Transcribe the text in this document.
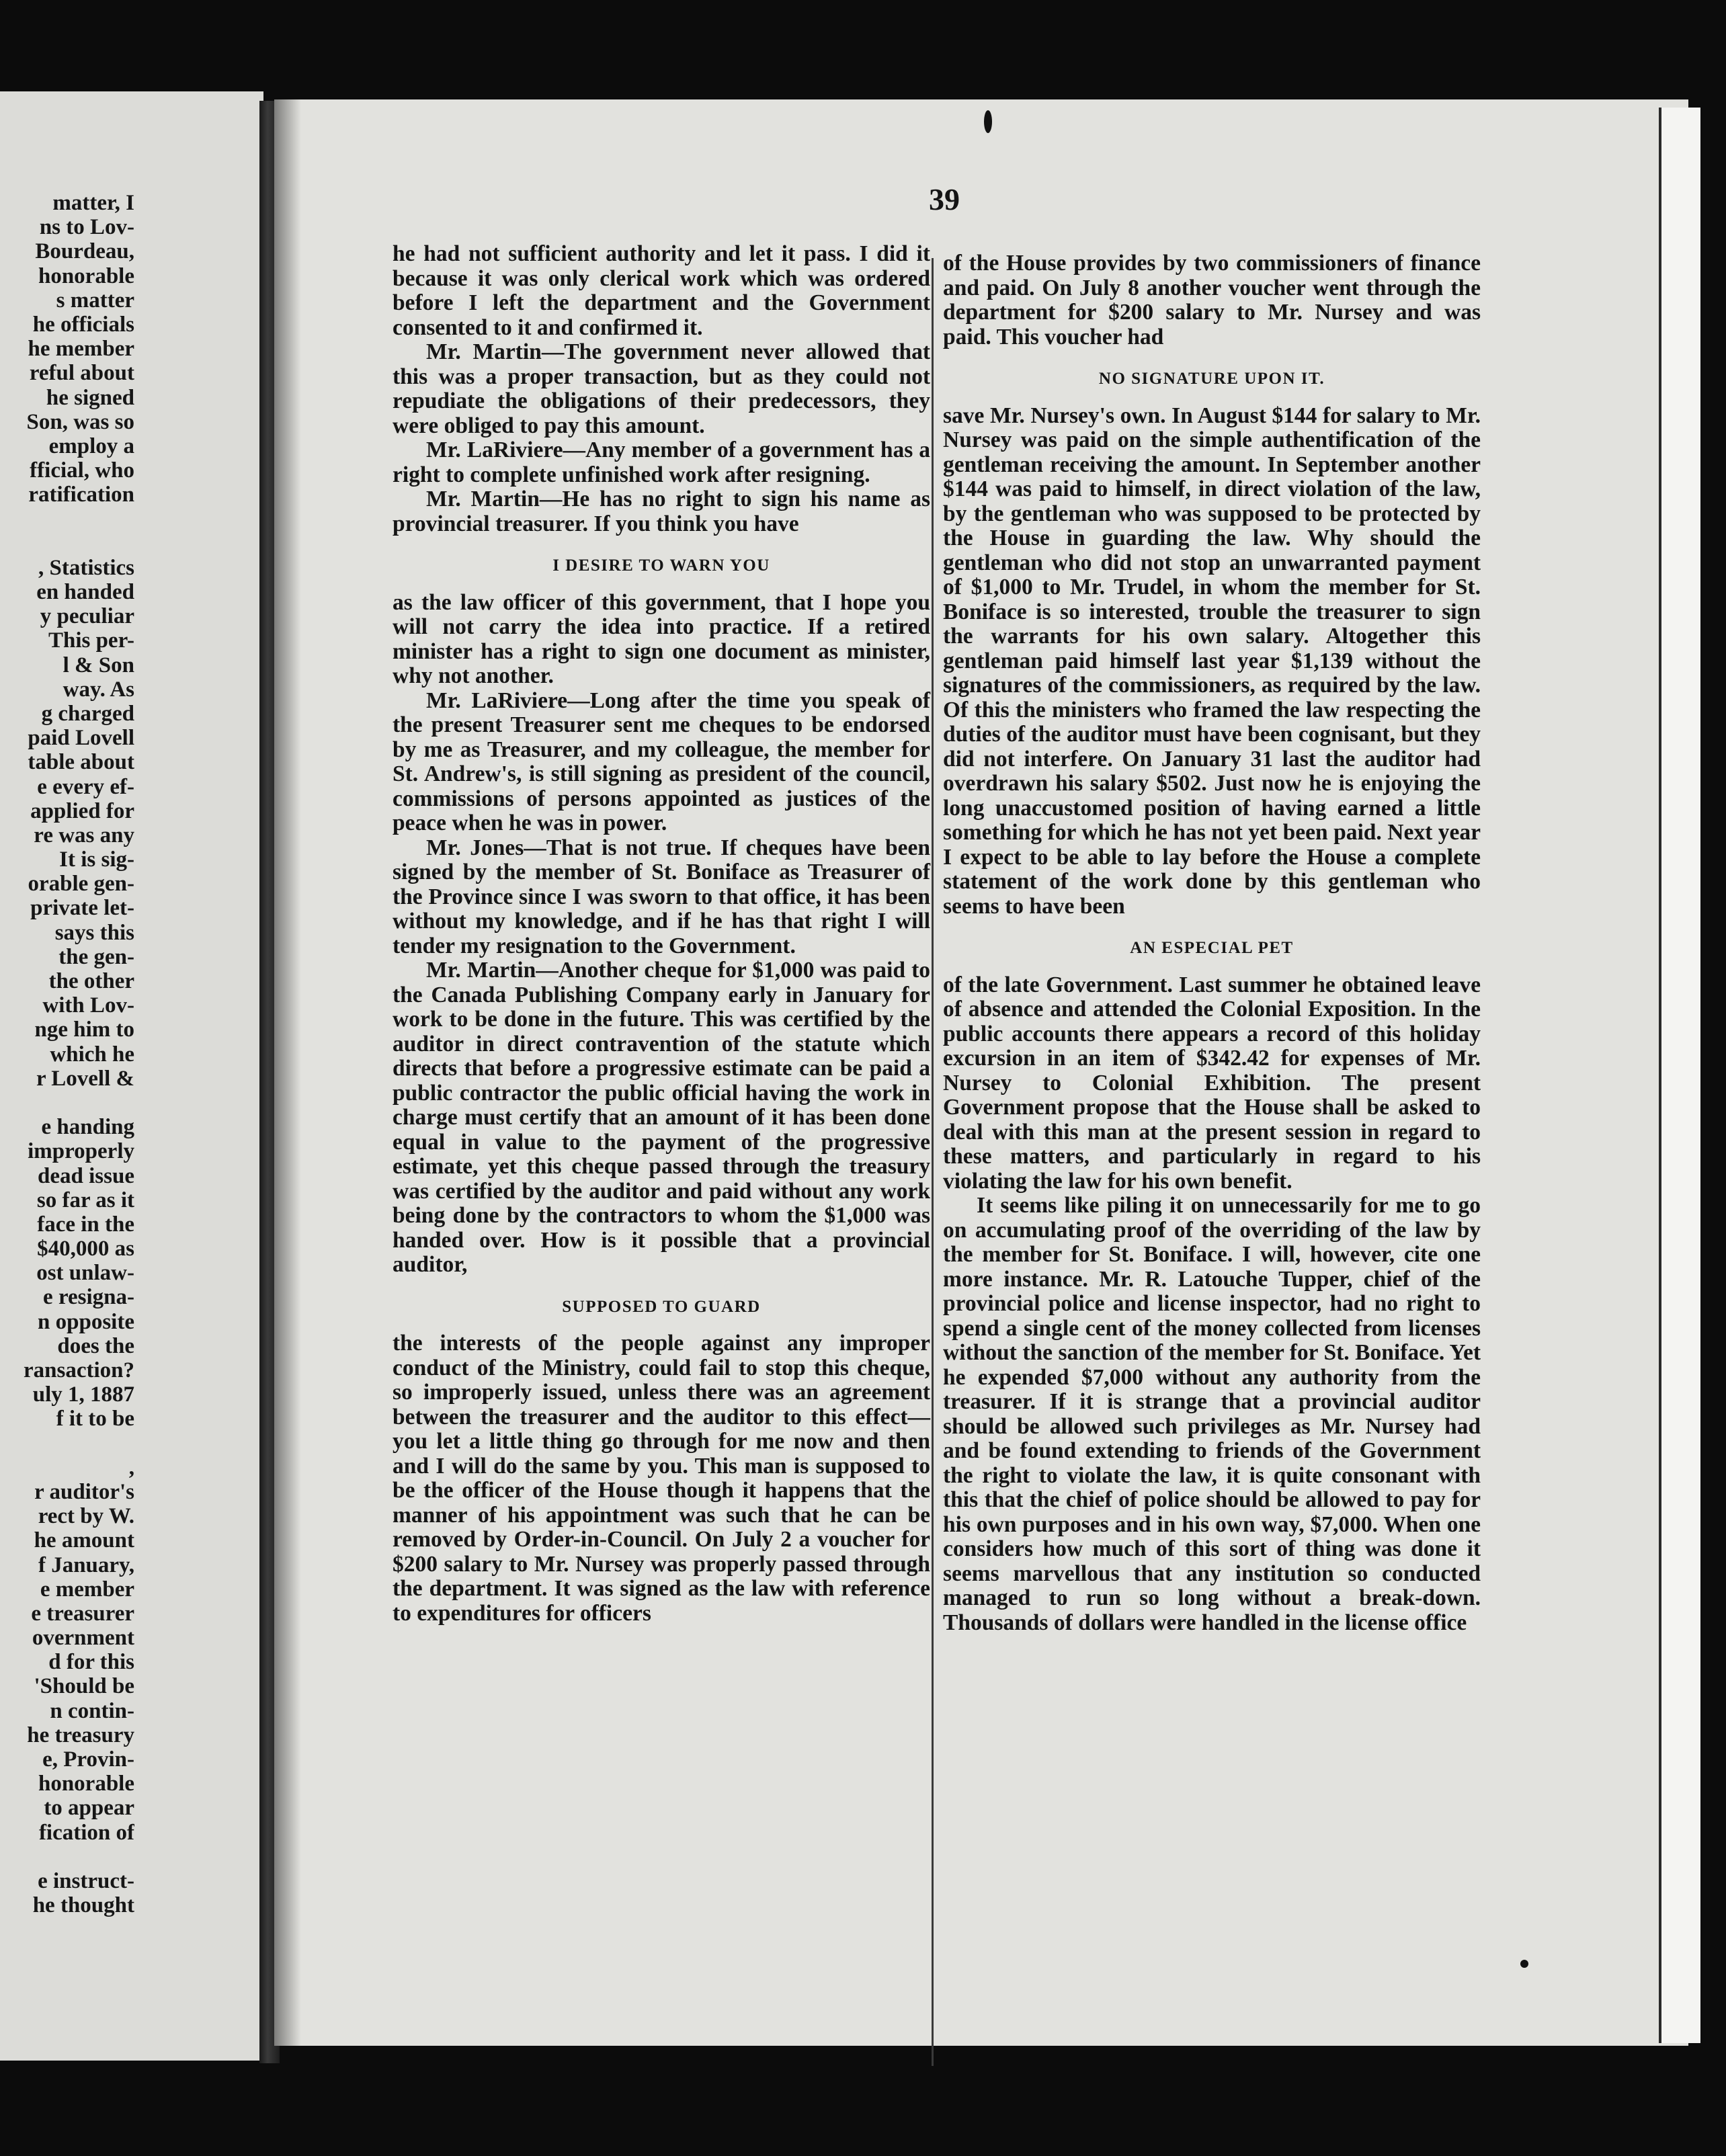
matter, I
ns to Lov-
Bourdeau,
honorable
s matter
he officials
he member
reful about
he signed
Son, was so
employ a
fficial, who
ratification
, Statistics
en handed
y peculiar
This per-
l & Son
way. As
g charged
paid Lovell
table about
e every ef-
applied for
re was any
It is sig-
orable gen-
private let-
says this
the gen-
the other
with Lov-
nge him to
which he
r Lovell &
e handing
improperly
dead issue
so far as it
face in the
$40,000 as
ost unlaw-
e resigna-
n opposite
does the
ransaction?
uly 1, 1887
f it to be
,
r auditor's
rect by W.
he amount
f January,
e member
e treasurer
overnment
d for this
'Should be
n contin-
he treasury
e, Provin-
honorable
to appear
fication of
e instruct-
he thought
39

he had not sufficient authority and let it pass. I did it because it was only clerical work which was ordered before I left the department and the Government consented to it and confirmed it.

Mr. Martin—The government never allowed that this was a proper transaction, but as they could not repudiate the obligations of their predecessors, they were obliged to pay this amount.

Mr. LaRiviere—Any member of a government has a right to complete unfinished work after resigning.

Mr. Martin—He has no right to sign his name as provincial treasurer. If you think you have

I DESIRE TO WARN YOU

as the law officer of this government, that I hope you will not carry the idea into practice. If a retired minister has a right to sign one document as minister, why not another.

Mr. LaRiviere—Long after the time you speak of the present Treasurer sent me cheques to be endorsed by me as Treasurer, and my colleague, the member for St. Andrew's, is still signing as president of the council, commissions of persons appointed as justices of the peace when he was in power.

Mr. Jones—That is not true. If cheques have been signed by the member of St. Boniface as Treasurer of the Province since I was sworn to that office, it has been without my knowledge, and if he has that right I will tender my resignation to the Government.

Mr. Martin—Another cheque for $1,000 was paid to the Canada Publishing Company early in January for work to be done in the future. This was certified by the auditor in direct contravention of the statute which directs that before a progressive estimate can be paid a public contractor the public official having the work in charge must certify that an amount of it has been done equal in value to the payment of the progressive estimate, yet this cheque passed through the treasury was certified by the auditor and paid without any work being done by the contractors to whom the $1,000 was handed over. How is it possible that a provincial auditor,

SUPPOSED TO GUARD

the interests of the people against any improper conduct of the Ministry, could fail to stop this cheque, so improperly issued, unless there was an agreement between the treasurer and the auditor to this effect—you let a little thing go through for me now and then and I will do the same by you. This man is supposed to be the officer of the House though it happens that the manner of his appointment was such that he can be removed by Order-in-Council. On July 2 a voucher for $200 salary to Mr. Nursey was properly passed through the department. It was signed as the law with reference to expenditures for officers

of the House provides by two commissioners of finance and paid. On July 8 another voucher went through the department for $200 salary to Mr. Nursey and was paid. This voucher had

NO SIGNATURE UPON IT.

save Mr. Nursey's own. In August $144 for salary to Mr. Nursey was paid on the simple authentification of the gentleman receiving the amount. In September another $144 was paid to himself, in direct violation of the law, by the gentleman who was supposed to be protected by the House in guarding the law. Why should the gentleman who did not stop an unwarranted payment of $1,000 to Mr. Trudel, in whom the member for St. Boniface is so interested, trouble the treasurer to sign the warrants for his own salary. Altogether this gentleman paid himself last year $1,139 without the signatures of the commissioners, as required by the law. Of this the ministers who framed the law respecting the duties of the auditor must have been cognisant, but they did not interfere. On January 31 last the auditor had overdrawn his salary $502. Just now he is enjoying the long unaccustomed position of having earned a little something for which he has not yet been paid. Next year I expect to be able to lay before the House a complete statement of the work done by this gentleman who seems to have been

AN ESPECIAL PET

of the late Government. Last summer he obtained leave of absence and attended the Colonial Exposition. In the public accounts there appears a record of this holiday excursion in an item of $342.42 for expenses of Mr. Nursey to Colonial Exhibition. The present Government propose that the House shall be asked to deal with this man at the present session in regard to these matters, and particularly in regard to his violating the law for his own benefit.

It seems like piling it on unnecessarily for me to go on accumulating proof of the overriding of the law by the member for St. Boniface. I will, however, cite one more instance. Mr. R. Latouche Tupper, chief of the provincial police and license inspector, had no right to spend a single cent of the money collected from licenses without the sanction of the member for St. Boniface. Yet he expended $7,000 without any authority from the treasurer. If it is strange that a provincial auditor should be allowed such privileges as Mr. Nursey had and be found extending to friends of the Government the right to violate the law, it is quite consonant with this that the chief of police should be allowed to pay for his own purposes and in his own way, $7,000. When one considers how much of this sort of thing was done it seems marvellous that any institution so conducted managed to run so long without a break-down. Thousands of dollars were handled in the license office
